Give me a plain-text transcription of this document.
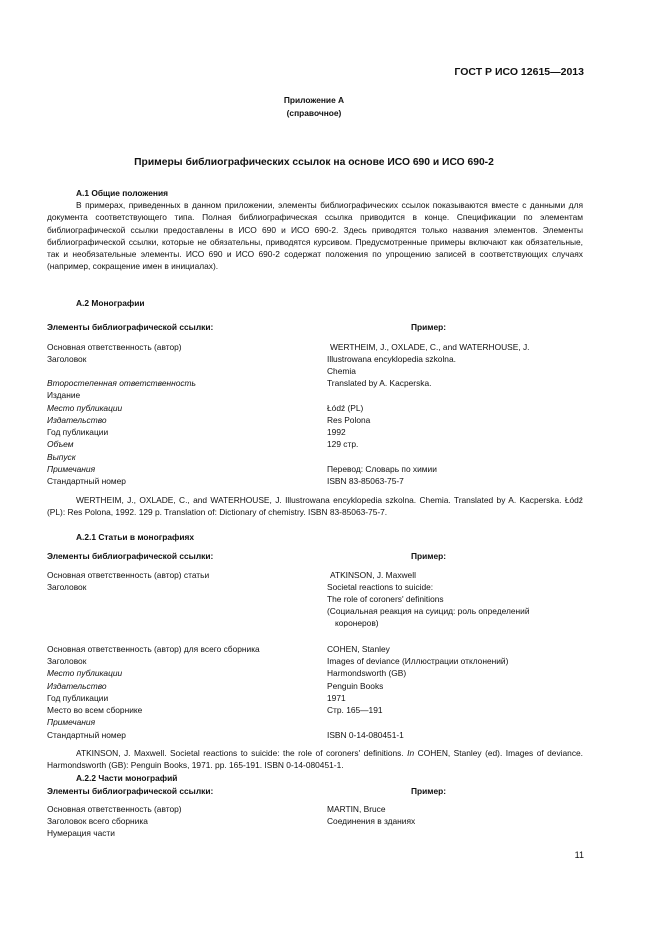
ГОСТ Р ИСО 12615—2013
Приложение А
(справочное)
Примеры библиографических ссылок на основе ИСО 690 и ИСО 690-2
А.1 Общие положения
В примерах, приведенных в данном приложении, элементы библиографических ссылок показываются вместе с данными для документа соответствующего типа. Полная библиографическая ссылка приводится в конце. Спецификации по элементам библиографической ссылки предоставлены в ИСО 690 и ИСО 690-2. Здесь приводятся только названия элементов. Элементы библиографической ссылки, которые не обязательны, приводятся курсивом. Предусмотренные примеры включают как обязательные, так и необязательные элементы. ИСО 690 и ИСО 690-2 содержат положения по упрощению записей в соответствующих случаях (например, сокращение имен в инициалах).
А.2 Монографии
Элементы библиографической ссылки:	Пример:
Основная ответственность (автор)	WERTHEIM, J., OXLADE, C., and WATERHOUSE, J.
Заголовок	Illustrowana encyklopedia szkolna.
Chemia
Второстепенная ответственность	Translated by A. Kacperska.
Издание
Место публикации	Łódź (PL)
Издательство	Res Polona
Год публикации	1992
Объем	129 стр.
Выпуск
Примечания	Перевод: Словарь по химии
Стандартный номер	ISBN 83-85063-75-7
WERTHEIM, J., OXLADE, C., and WATERHOUSE, J. Illustrowana encyklopedia szkolna. Chemia. Translated by A. Kacperska. Łódź (PL): Res Polona, 1992. 129 p. Translation of: Dictionary of chemistry. ISBN 83-85063-75-7.
А.2.1 Статьи в монографиях
Элементы библиографической ссылки:	Пример:
Основная ответственность (автор) статьи	ATKINSON, J. Maxwell
Заголовок	Societal reactions to suicide:
The role of coroners' definitions
(Социальная реакция на суицид: роль определений
коронеров)
Основная ответственность (автор) для всего сборника	COHEN, Stanley
Заголовок	Images of deviance (Иллюстрации отклонений)
Место публикации	Harmondsworth (GB)
Издательство	Penguin Books
Год публикации	1971
Место во всем сборнике	Стр. 165—191
Примечания
Стандартный номер	ISBN 0-14-080451-1
ATKINSON, J. Maxwell. Societal reactions to suicide: the role of coroners' definitions. In COHEN, Stanley (ed). Images of deviance. Harmondsworth (GB): Penguin Books, 1971. pp. 165-191. ISBN 0-14-080451-1.
А.2.2 Части монографий
Элементы библиографической ссылки:	Пример:
Основная ответственность (автор)	MARTIN, Bruce
Заголовок всего сборника	Соединения в зданиях
Нумерация части
11
